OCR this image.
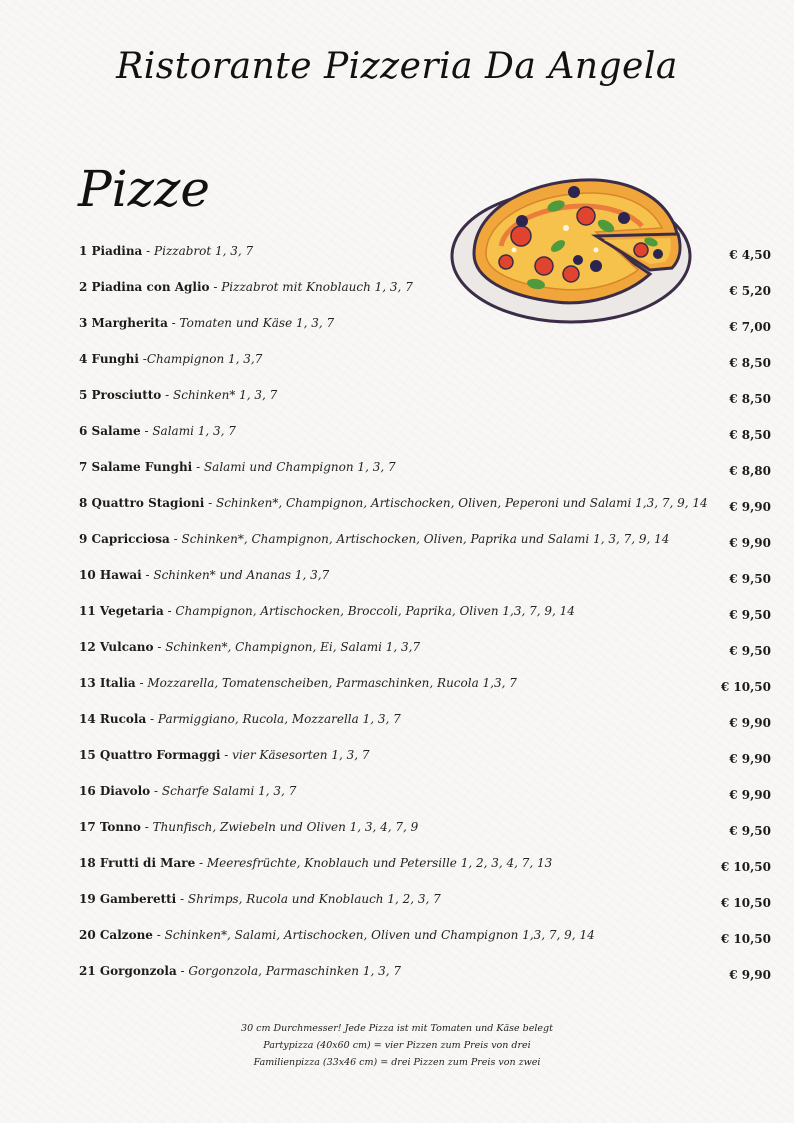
Ristorante Pizzeria Da Angela
Pizze
1 Piadina - Pizzabrot 1, 3, 7	€ 4,50
2 Piadina con Aglio - Pizzabrot mit Knoblauch 1, 3, 7	€ 5,20
3 Margherita - Tomaten und Käse 1, 3, 7	€ 7,00
4 Funghi -Champignon 1, 3,7	€ 8,50
5 Prosciutto - Schinken* 1, 3, 7	€ 8,50
6 Salame - Salami 1, 3, 7	€ 8,50
7 Salame Funghi - Salami und Champignon 1, 3, 7	€ 8,80
8 Quattro Stagioni - Schinken*, Champignon, Artischocken, Oliven, Peperoni und Salami 1,3, 7, 9, 14 € 9,90
9 Capricciosa - Schinken*, Champignon, Artischocken, Oliven, Paprika und Salami 1, 3, 7, 9, 14	€ 9,90
10 Hawai - Schinken* und Ananas 1, 3,7	€ 9,50
11 Vegetaria - Champignon, Artischocken, Broccoli, Paprika, Oliven 1,3, 7, 9, 14	€ 9,50
12 Vulcano - Schinken*, Champignon, Ei, Salami 1, 3,7	€ 9,50
13 Italia - Mozzarella, Tomatenscheiben, Parmaschinken, Rucola 1,3, 7	€ 10,50
14 Rucola - Parmiggiano, Rucola, Mozzarella 1, 3, 7	€ 9,90
15 Quattro Formaggi - vier Käsesorten 1, 3, 7	€ 9,90
16 Diavolo - Scharfe Salami 1, 3, 7	€ 9,90
17 Tonno - Thunfisch, Zwiebeln und Oliven 1, 3, 4, 7, 9	€ 9,50
18 Frutti di Mare - Meeresfrüchte, Knoblauch und Petersille 1, 2, 3, 4, 7, 13	€ 10,50
19 Gamberetti - Shrimps, Rucola und Knoblauch 1, 2, 3, 7	€ 10,50
20 Calzone - Schinken*, Salami, Artischocken, Oliven und Champignon 1,3, 7, 9, 14	€ 10,50
21 Gorgonzola - Gorgonzola, Parmaschinken 1, 3, 7	€ 9,90
30 cm Durchmesser! Jede Pizza ist mit Tomaten und Käse belegt
Partypizza (40x60 cm) = vier Pizzen zum Preis von drei
Familienpizza (33x46 cm) = drei Pizzen zum Preis von zwei
